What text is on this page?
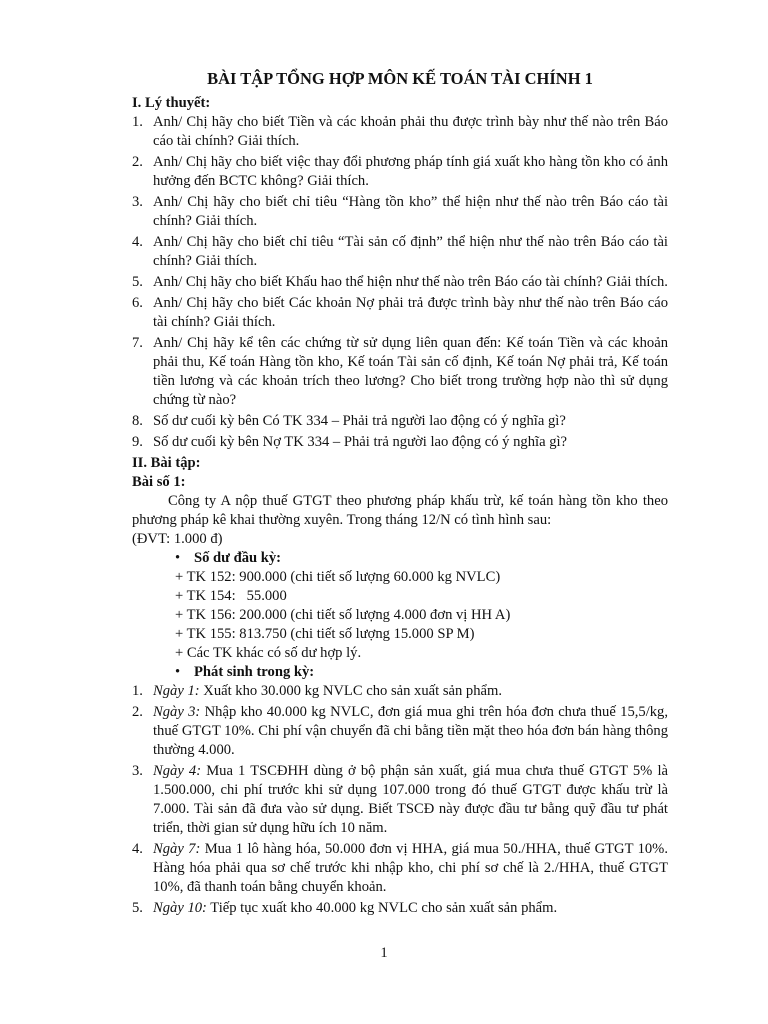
BÀI TẬP TỔNG HỢP MÔN KẾ TOÁN TÀI CHÍNH 1
I. Lý thuyết:
1. Anh/ Chị hãy cho biết Tiền và các khoản phải thu được trình bày như thế nào trên Báo cáo tài chính? Giải thích.
2. Anh/ Chị hãy cho biết việc thay đổi phương pháp tính giá xuất kho hàng tồn kho có ảnh hưởng đến BCTC không? Giải thích.
3. Anh/ Chị hãy cho biết chỉ tiêu “Hàng tồn kho” thể hiện như thế nào trên Báo cáo tài chính? Giải thích.
4. Anh/ Chị hãy cho biết chỉ tiêu “Tài sản cố định” thể hiện như thế nào trên Báo cáo tài chính? Giải thích.
5. Anh/ Chị hãy cho biết Khấu hao thể hiện như thế nào trên Báo cáo tài chính? Giải thích.
6. Anh/ Chị hãy cho biết Các khoản Nợ phải trả được trình bày như thế nào trên Báo cáo tài chính? Giải thích.
7. Anh/ Chị hãy kể tên các chứng từ sử dụng liên quan đến: Kế toán Tiền và các khoản phải thu, Kế toán Hàng tồn kho, Kế toán Tài sản cố định, Kế toán Nợ phải trả, Kế toán tiền lương và các khoản trích theo lương? Cho biết trong trường hợp nào thì sử dụng chứng từ nào?
8. Số dư cuối kỳ bên Có TK 334 – Phải trả người lao động có ý nghĩa gì?
9. Số dư cuối kỳ bên Nợ TK 334 – Phải trả người lao động có ý nghĩa gì?
II. Bài tập:
Bài số 1:

Công ty A nộp thuế GTGT theo phương pháp khấu trừ, kế toán hàng tồn kho theo phương pháp kê khai thường xuyên. Trong tháng 12/N có tình hình sau:

(ĐVT: 1.000 đ)

• Số dư đầu kỳ:
+ TK 152: 900.000 (chi tiết số lượng 60.000 kg NVLC)
+ TK 154:   55.000
+ TK 156: 200.000 (chi tiết số lượng 4.000 đơn vị HH A)
+ TK 155: 813.750 (chi tiết số lượng 15.000 SP M)
+ Các TK khác có số dư hợp lý.
• Phát sinh trong kỳ:
1. Ngày 1: Xuất kho 30.000 kg NVLC cho sản xuất sản phẩm.
2. Ngày 3: Nhập kho 40.000 kg NVLC, đơn giá mua ghi trên hóa đơn chưa thuế 15,5/kg, thuế GTGT 10%. Chi phí vận chuyển đã chi bằng tiền mặt theo hóa đơn bán hàng thông thường 4.000.
3. Ngày 4: Mua 1 TSCĐHH dùng ở bộ phận sản xuất, giá mua chưa thuế GTGT 5% là 1.500.000, chi phí trước khi sử dụng 107.000 trong đó thuế GTGT được khấu trừ là 7.000. Tài sản đã đưa vào sử dụng. Biết TSCĐ này được đầu tư bằng quỹ đầu tư phát triển, thời gian sử dụng hữu ích 10 năm.
4. Ngày 7: Mua 1 lô hàng hóa, 50.000 đơn vị HHA, giá mua 50./HHA, thuế GTGT 10%. Hàng hóa phải qua sơ chế trước khi nhập kho, chi phí sơ chế là 2./HHA, thuế GTGT 10%, đã thanh toán bằng chuyển khoản.
5. Ngày 10: Tiếp tục xuất kho 40.000 kg NVLC cho sản xuất sản phẩm.
1
